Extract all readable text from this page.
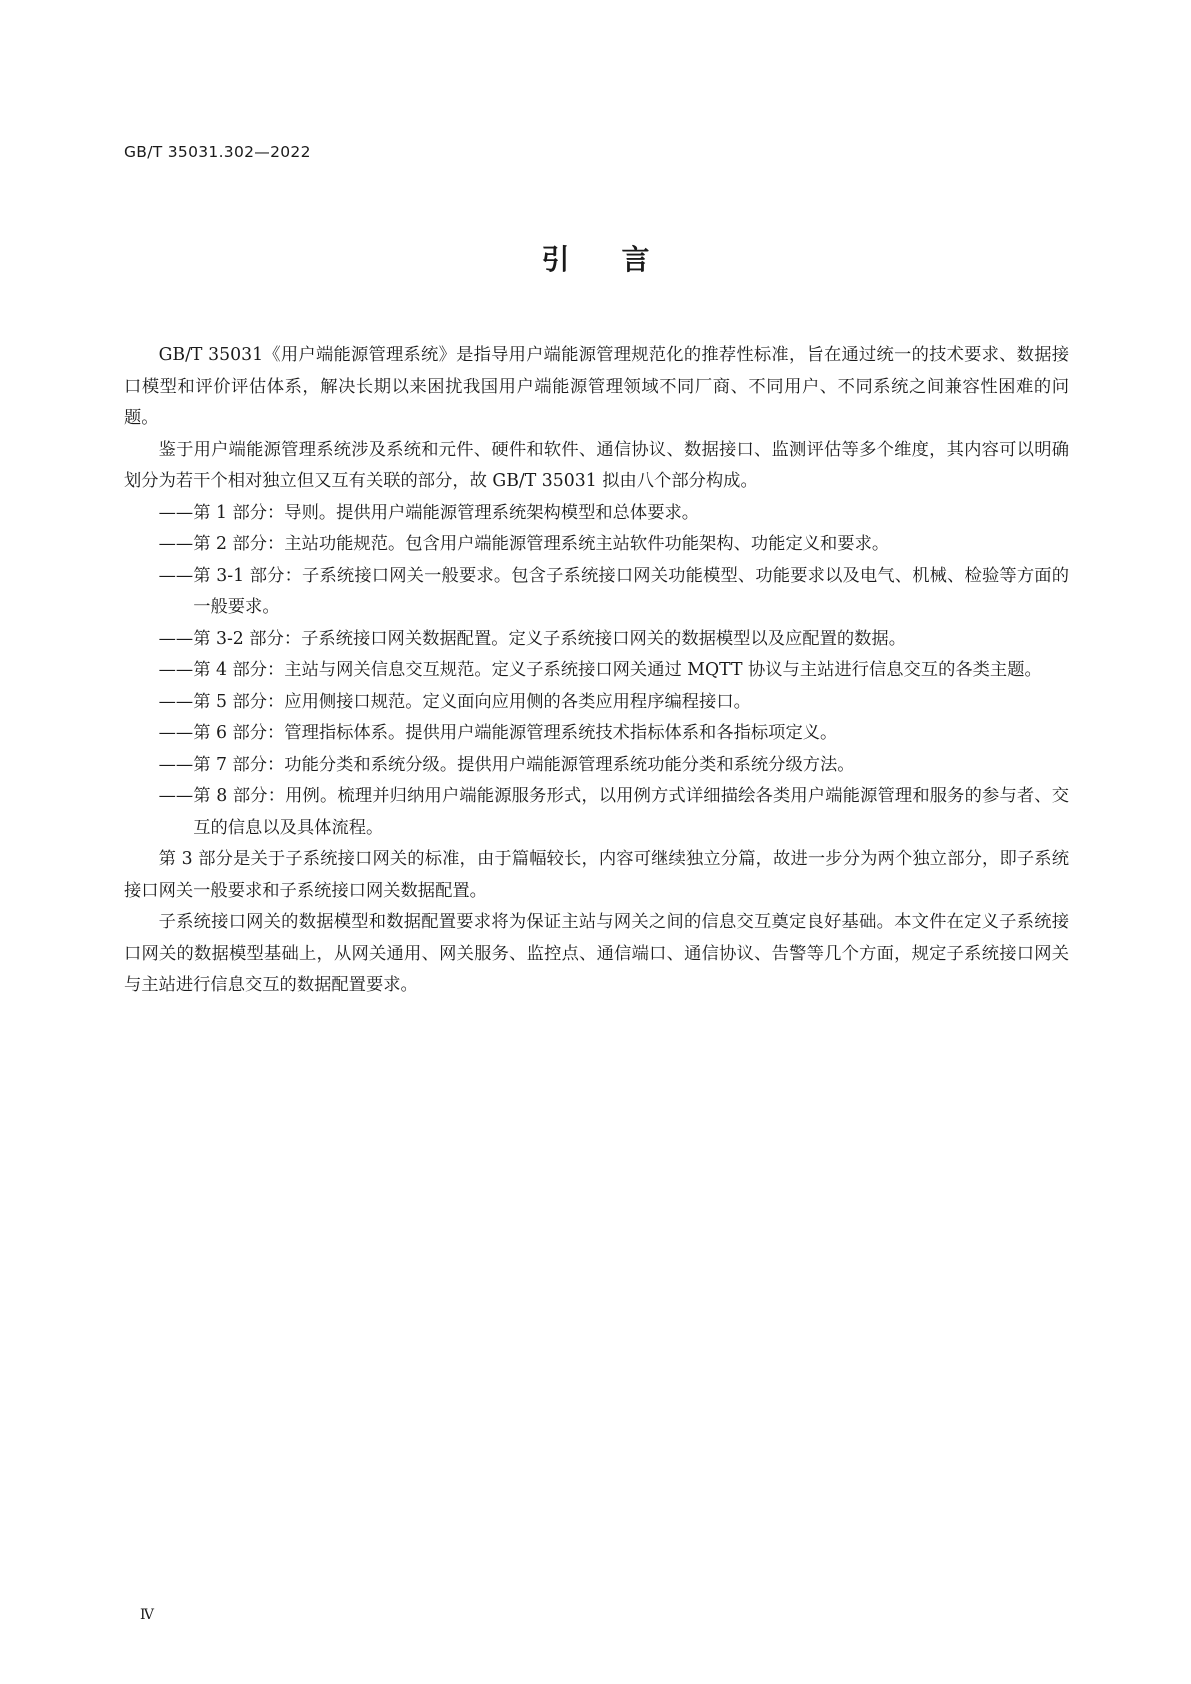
GB/T 35031.302—2022
引言

GB/T 35031《用户端能源管理系统》是指导用户端能源管理规范化的推荐性标准，旨在通过统一的技术要求、数据接口模型和评价评估体系，解决长期以来困扰我国用户端能源管理领域不同厂商、不同用户、不同系统之间兼容性困难的问题。

鉴于用户端能源管理系统涉及系统和元件、硬件和软件、通信协议、数据接口、监测评估等多个维度，其内容可以明确划分为若干个相对独立但又互有关联的部分，故 GB/T 35031 拟由八个部分构成。

—— 第 1 部分：导则。提供用户端能源管理系统架构模型和总体要求。
—— 第 2 部分：主站功能规范。包含用户端能源管理系统主站软件功能架构、功能定义和要求。
—— 第 3-1 部分：子系统接口网关一般要求。包含子系统接口网关功能模型、功能要求以及电气、机械、检验等方面的一般要求。
—— 第 3-2 部分：子系统接口网关数据配置。定义子系统接口网关的数据模型以及应配置的数据。
—— 第 4 部分：主站与网关信息交互规范。定义子系统接口网关通过 MQTT 协议与主站进行信息交互的各类主题。
—— 第 5 部分：应用侧接口规范。定义面向应用侧的各类应用程序编程接口。
—— 第 6 部分：管理指标体系。提供用户端能源管理系统技术指标体系和各指标项定义。
—— 第 7 部分：功能分类和系统分级。提供用户端能源管理系统功能分类和系统分级方法。
—— 第 8 部分：用例。梳理并归纳用户端能源服务形式，以用例方式详细描绘各类用户端能源管理和服务的参与者、交互的信息以及具体流程。

第 3 部分是关于子系统接口网关的标准，由于篇幅较长，内容可继续独立分篇，故进一步分为两个独立部分，即子系统接口网关一般要求和子系统接口网关数据配置。

子系统接口网关的数据模型和数据配置要求将为保证主站与网关之间的信息交互奠定良好基础。本文件在定义子系统接口网关的数据模型基础上，从网关通用、网关服务、监控点、通信端口、通信协议、告警等几个方面，规定子系统接口网关与主站进行信息交互的数据配置要求。

Ⅳ
